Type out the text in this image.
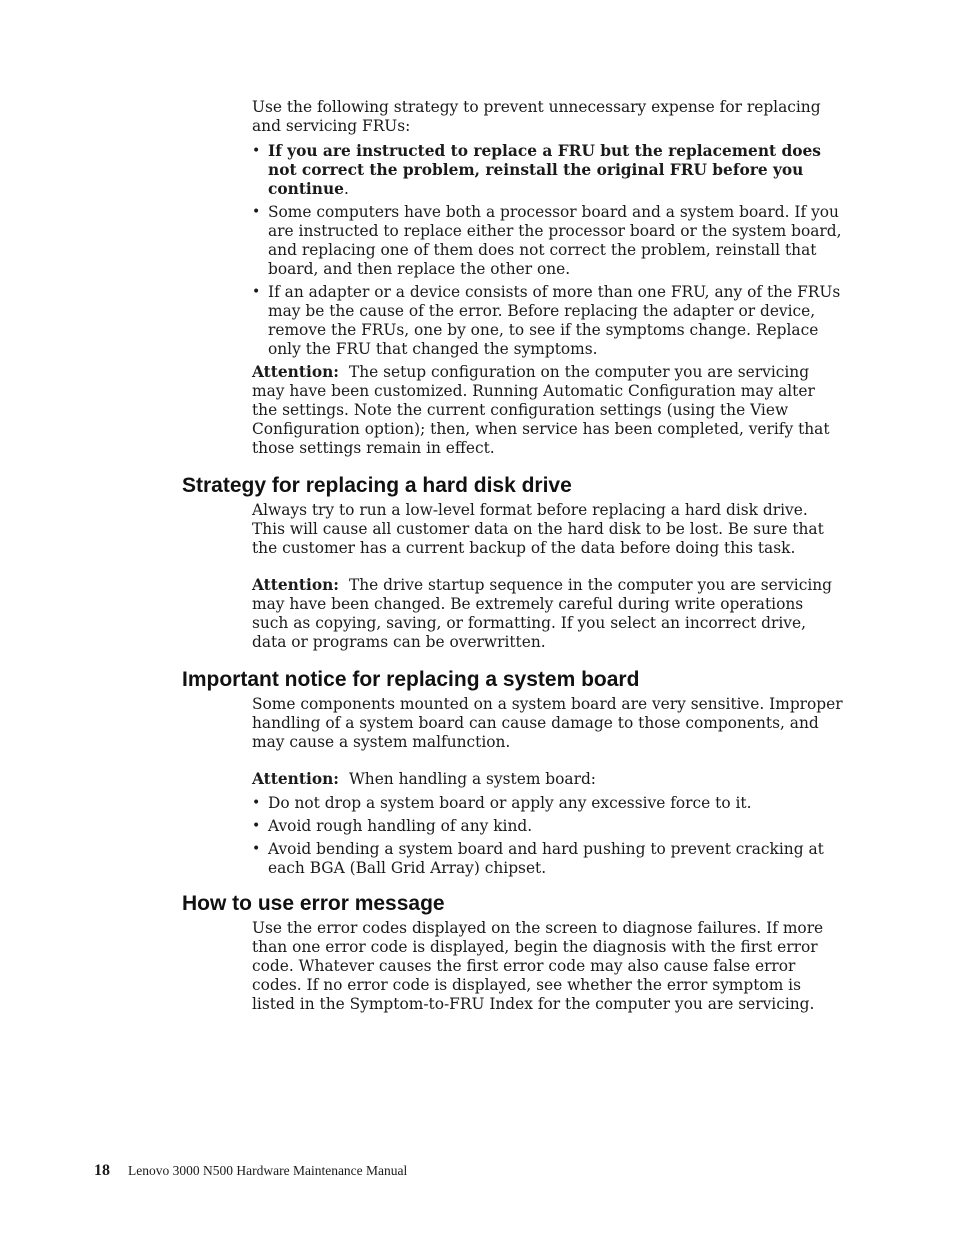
Use the following strategy to prevent unnecessary expense for replacing and servicing FRUs:

• If you are instructed to replace a FRU but the replacement does not correct the problem, reinstall the original FRU before you continue.
• Some computers have both a processor board and a system board. If you are instructed to replace either the processor board or the system board, and replacing one of them does not correct the problem, reinstall that board, and then replace the other one.
• If an adapter or a device consists of more than one FRU, any of the FRUs may be the cause of the error. Before replacing the adapter or device, remove the FRUs, one by one, to see if the symptoms change. Replace only the FRU that changed the symptoms.

Attention: The setup configuration on the computer you are servicing may have been customized. Running Automatic Configuration may alter the settings. Note the current configuration settings (using the View Configuration option); then, when service has been completed, verify that those settings remain in effect.

Strategy for replacing a hard disk drive

Always try to run a low-level format before replacing a hard disk drive. This will cause all customer data on the hard disk to be lost. Be sure that the customer has a current backup of the data before doing this task.

Attention: The drive startup sequence in the computer you are servicing may have been changed. Be extremely careful during write operations such as copying, saving, or formatting. If you select an incorrect drive, data or programs can be overwritten.

Important notice for replacing a system board

Some components mounted on a system board are very sensitive. Improper handling of a system board can cause damage to those components, and may cause a system malfunction.

Attention: When handling a system board:

• Do not drop a system board or apply any excessive force to it.
• Avoid rough handling of any kind.
• Avoid bending a system board and hard pushing to prevent cracking at each BGA (Ball Grid Array) chipset.
How to use error message

Use the error codes displayed on the screen to diagnose failures. If more than one error code is displayed, begin the diagnosis with the first error code. Whatever causes the first error code may also cause false error codes. If no error code is displayed, see whether the error symptom is listed in the Symptom-to-FRU Index for the computer you are servicing.

18 Lenovo 3000 N500 Hardware Maintenance Manual
